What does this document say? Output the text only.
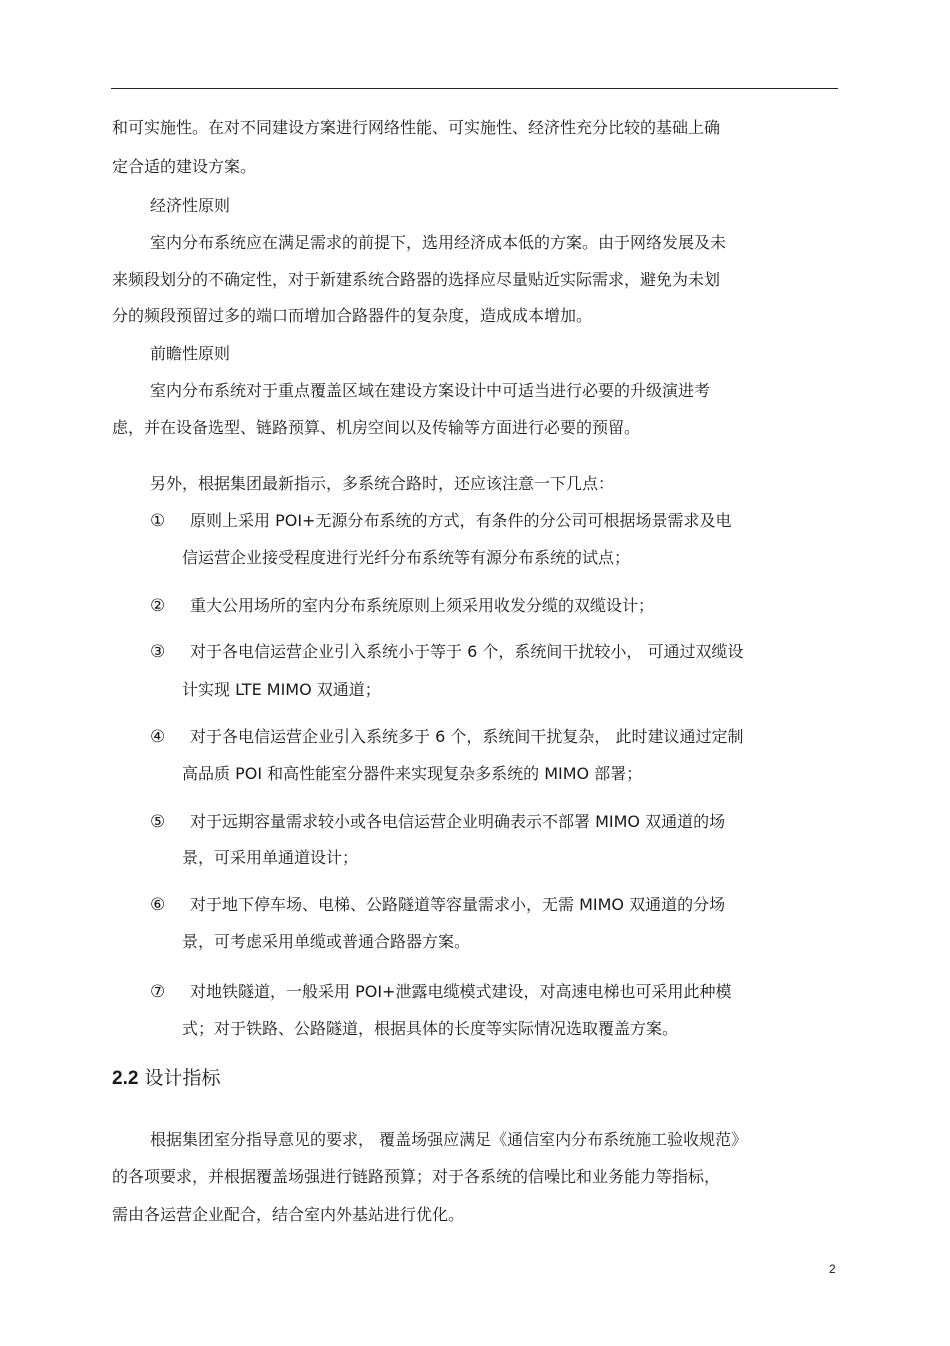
和可实施性。在对不同建设方案进行网络性能、可实施性、经济性充分比较的基础上确
定合适的建设方案。
经济性原则
室内分布系统应在满足需求的前提下，选用经济成本低的方案。由于网络发展及未
来频段划分的不确定性，对于新建系统合路器的选择应尽量贴近实际需求，避免为未划
分的频段预留过多的端口而增加合路器件的复杂度，造成成本增加。
前瞻性原则
室内分布系统对于重点覆盖区域在建设方案设计中可适当进行必要的升级演进考
虑，并在设备选型、链路预算、机房空间以及传输等方面进行必要的预留。
另外，根据集团最新指示，多系统合路时，还应该注意一下几点：
① 原则上采用 POI+无源分布系统的方式，有条件的分公司可根据场景需求及电
信运营企业接受程度进行光纤分布系统等有源分布系统的试点；
② 重大公用场所的室内分布系统原则上须采用收发分缆的双缆设计；
③ 对于各电信运营企业引入系统小于等于 6 个，系统间干扰较小， 可通过双缆设
计实现 LTE MIMO 双通道；
④ 对于各电信运营企业引入系统多于 6 个，系统间干扰复杂， 此时建议通过定制
高品质 POI 和高性能室分器件来实现复杂多系统的 MIMO 部署；
⑤ 对于远期容量需求较小或各电信运营企业明确表示不部署 MIMO 双通道的场
景，可采用单通道设计；
⑥ 对于地下停车场、电梯、公路隧道等容量需求小，无需 MIMO 双通道的分场
景，可考虑采用单缆或普通合路器方案。
⑦ 对地铁隧道，一般采用 POI+泄露电缆模式建设，对高速电梯也可采用此种模
式；对于铁路、公路隧道，根据具体的长度等实际情况选取覆盖方案。
2.2 设计指标
根据集团室分指导意见的要求， 覆盖场强应满足《通信室内分布系统施工验收规范》
的各项要求，并根据覆盖场强进行链路预算；对于各系统的信噪比和业务能力等指标，
需由各运营企业配合，结合室内外基站进行优化。
2
